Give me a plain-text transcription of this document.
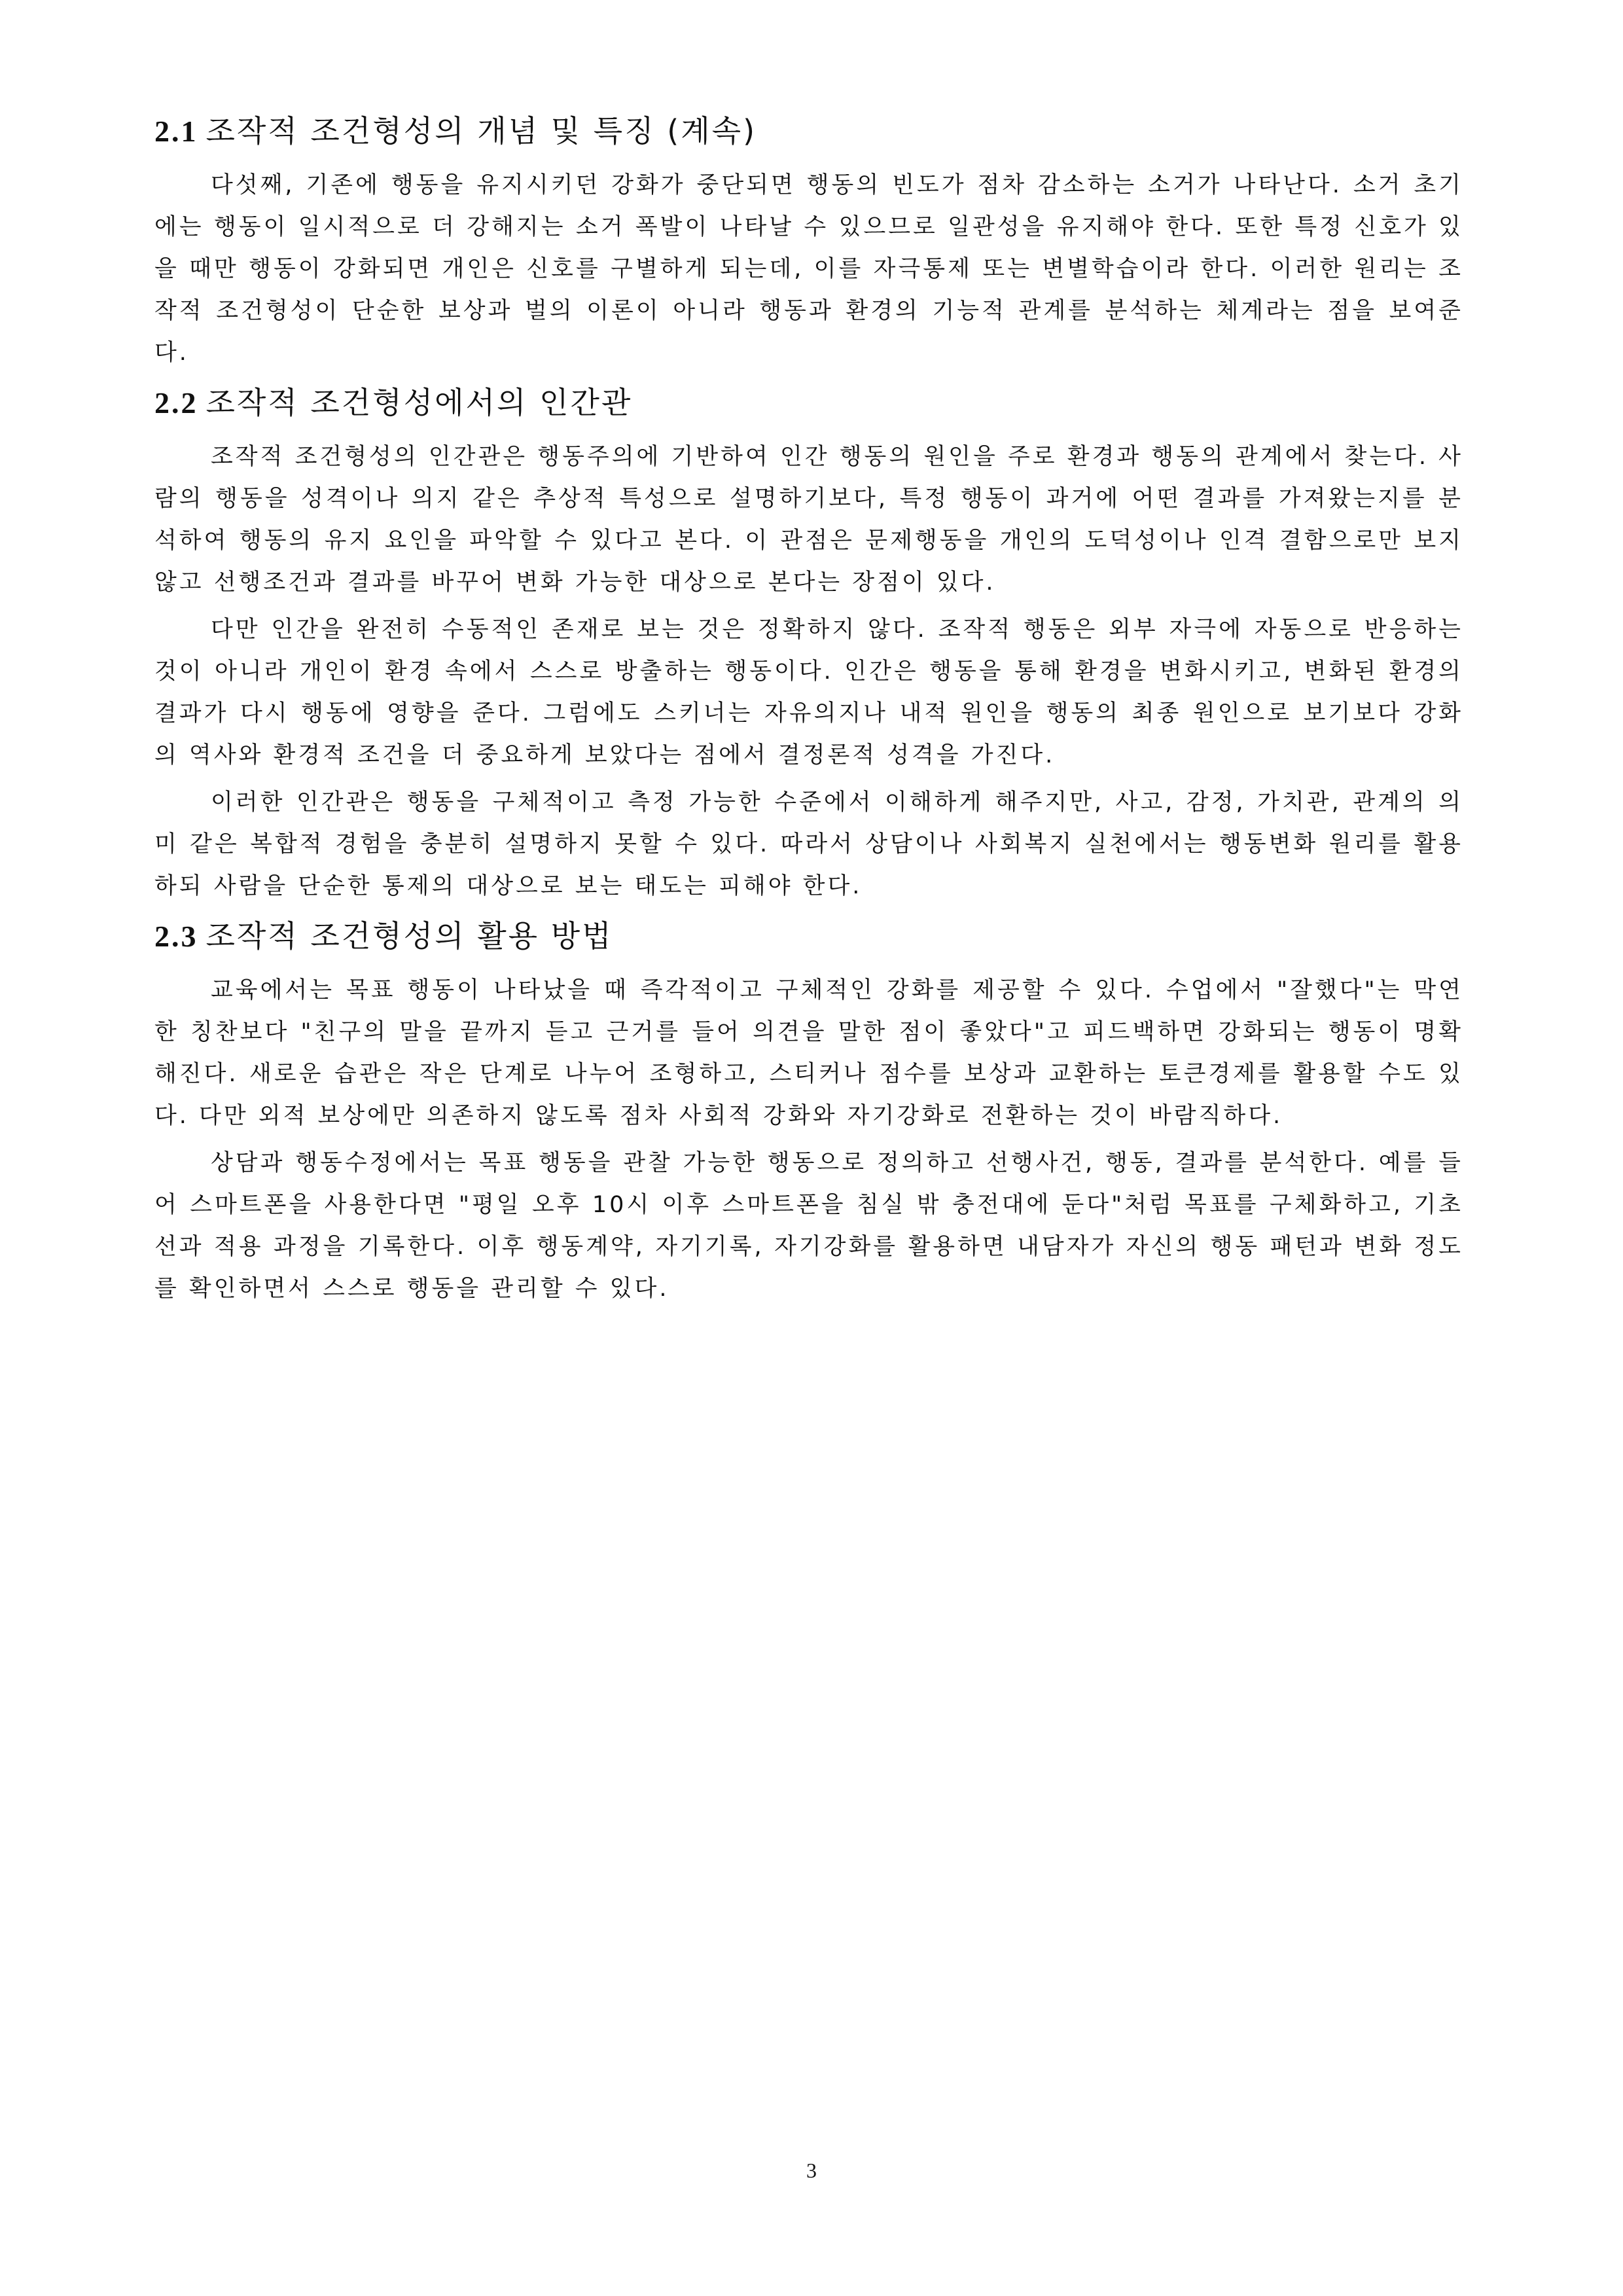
2.1 조작적 조건형성의 개념 및 특징 (계속)

다섯째, 기존에 행동을 유지시키던 강화가 중단되면 행동의 빈도가 점차 감소하는 소거가 나타난다. 소거 초기에는 행동이 일시적으로 더 강해지는 소거 폭발이 나타날 수 있으므로 일관성을 유지해야 한다. 또한 특정 신호가 있을 때만 행동이 강화되면 개인은 신호를 구별하게 되는데, 이를 자극통제 또는 변별학습이라 한다. 이러한 원리는 조작적 조건형성이 단순한 보상과 벌의 이론이 아니라 행동과 환경의 기능적 관계를 분석하는 체계라는 점을 보여준다.

2.2 조작적 조건형성에서의 인간관

조작적 조건형성의 인간관은 행동주의에 기반하여 인간 행동의 원인을 주로 환경과 행동의 관계에서 찾는다. 사람의 행동을 성격이나 의지 같은 추상적 특성으로 설명하기보다, 특정 행동이 과거에 어떤 결과를 가져왔는지를 분석하여 행동의 유지 요인을 파악할 수 있다고 본다. 이 관점은 문제행동을 개인의 도덕성이나 인격 결함으로만 보지 않고 선행조건과 결과를 바꾸어 변화 가능한 대상으로 본다는 장점이 있다.

다만 인간을 완전히 수동적인 존재로 보는 것은 정확하지 않다. 조작적 행동은 외부 자극에 자동으로 반응하는 것이 아니라 개인이 환경 속에서 스스로 방출하는 행동이다. 인간은 행동을 통해 환경을 변화시키고, 변화된 환경의 결과가 다시 행동에 영향을 준다. 그럼에도 스키너는 자유의지나 내적 원인을 행동의 최종 원인으로 보기보다 강화의 역사와 환경적 조건을 더 중요하게 보았다는 점에서 결정론적 성격을 가진다.

이러한 인간관은 행동을 구체적이고 측정 가능한 수준에서 이해하게 해주지만, 사고, 감정, 가치관, 관계의 의미 같은 복합적 경험을 충분히 설명하지 못할 수 있다. 따라서 상담이나 사회복지 실천에서는 행동변화 원리를 활용하되 사람을 단순한 통제의 대상으로 보는 태도는 피해야 한다.

2.3 조작적 조건형성의 활용 방법

교육에서는 목표 행동이 나타났을 때 즉각적이고 구체적인 강화를 제공할 수 있다. 수업에서 "잘했다"는 막연한 칭찬보다 "친구의 말을 끝까지 듣고 근거를 들어 의견을 말한 점이 좋았다"고 피드백하면 강화되는 행동이 명확해진다. 새로운 습관은 작은 단계로 나누어 조형하고, 스티커나 점수를 보상과 교환하는 토큰경제를 활용할 수도 있다. 다만 외적 보상에만 의존하지 않도록 점차 사회적 강화와 자기강화로 전환하는 것이 바람직하다.

상담과 행동수정에서는 목표 행동을 관찰 가능한 행동으로 정의하고 선행사건, 행동, 결과를 분석한다. 예를 들어 스마트폰을 사용한다면 "평일 오후 10시 이후 스마트폰을 침실 밖 충전대에 둔다"처럼 목표를 구체화하고, 기초선과 적용 과정을 기록한다. 이후 행동계약, 자기기록, 자기강화를 활용하면 내담자가 자신의 행동 패턴과 변화 정도를 확인하면서 스스로 행동을 관리할 수 있다.

3
